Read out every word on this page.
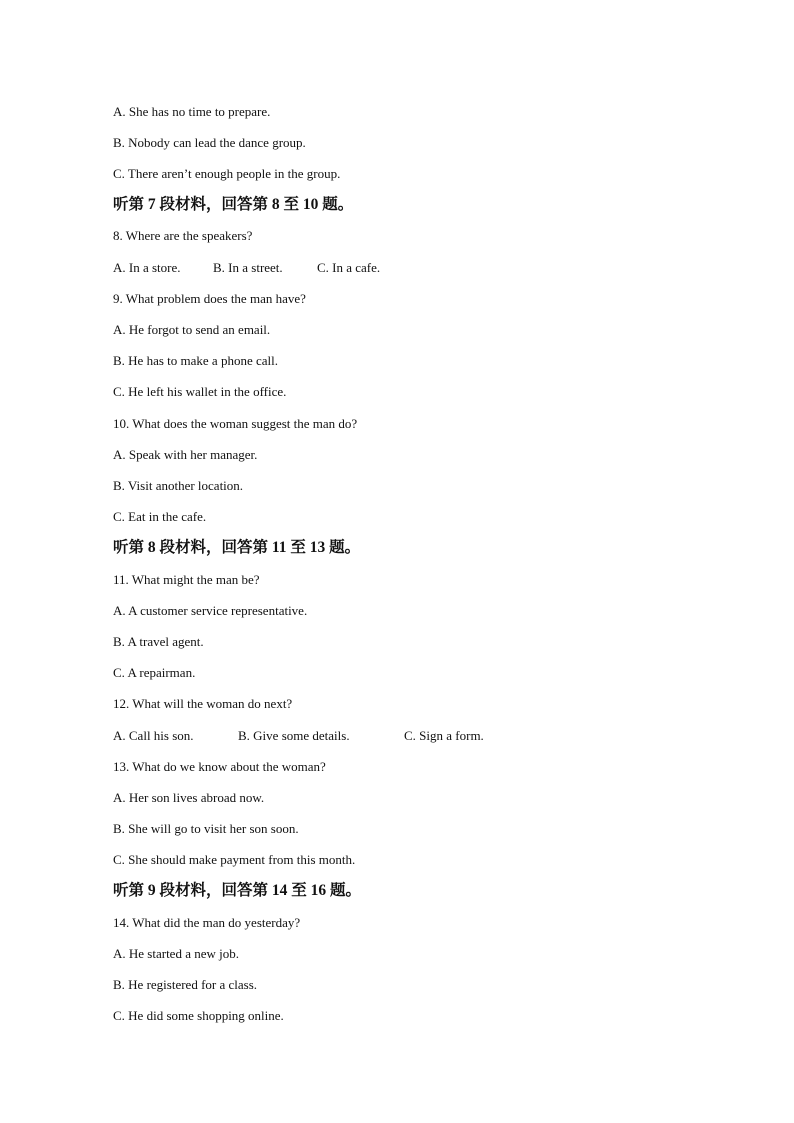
A. She has no time to prepare.
B. Nobody can lead the dance group.
C. There aren’t enough people in the group.
听第 7 段材料，回答第 8 至 10 题。
8. Where are the speakers?
A. In a store. B. In a street.	C. In a cafe.
9. What problem does the man have?
A. He forgot to send an email.
B. He has to make a phone call.
C. He left his wallet in the office.
10. What does the woman suggest the man do?
A. Speak with her manager.
B. Visit another location.
C. Eat in the cafe.
听第 8 段材料，回答第 11 至 13 题。
11. What might the man be?
A. A customer service representative.
B. A travel agent.
C. A repairman.
12. What will the woman do next?
A. Call his son.	B. Give some details.	C. Sign a form.
13. What do we know about the woman?
A. Her son lives abroad now.
B. She will go to visit her son soon.
C. She should make payment from this month.
听第 9 段材料，回答第 14 至 16 题。
14. What did the man do yesterday?
A. He started a new job.
B. He registered for a class.
C. He did some shopping online.
